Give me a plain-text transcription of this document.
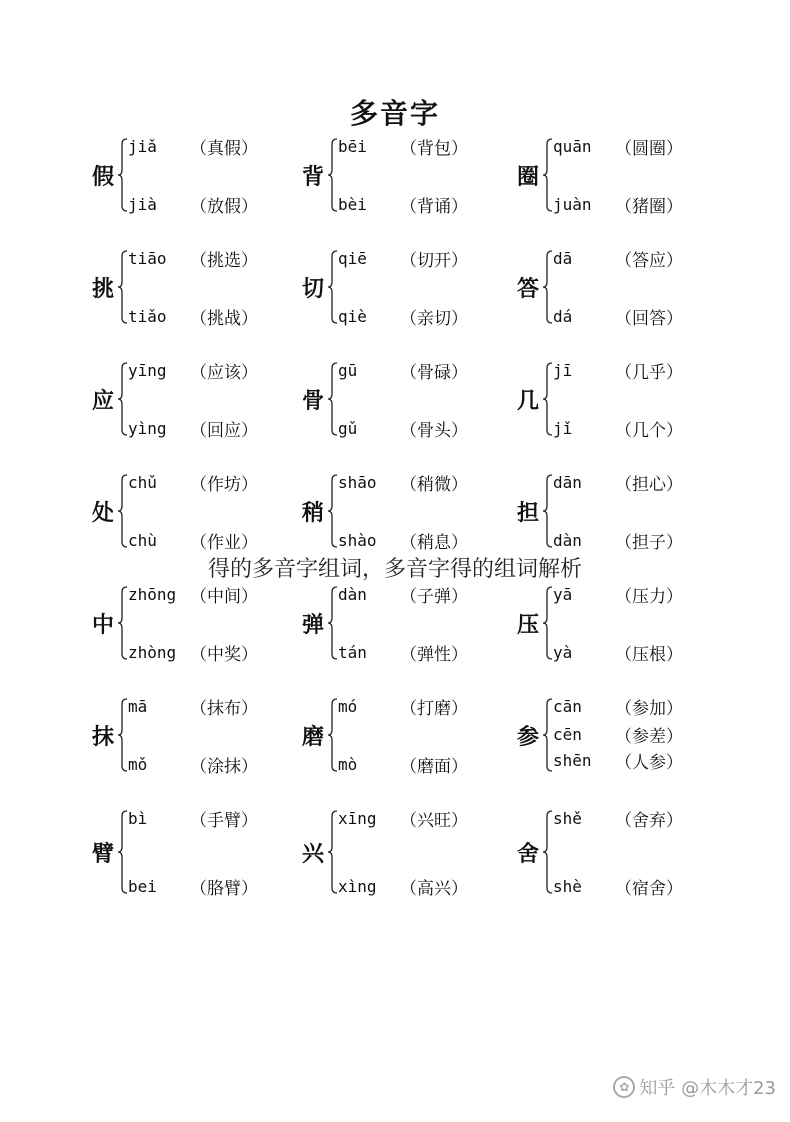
多音字
假
jiǎ	（真假）
jià	（放假）
背
bēi	（背包）
bèi	（背诵）
圈
quān	（圆圈）
juàn	（猪圈）
挑
tiāo	（挑选）
tiǎo	（挑战）
切
qiē	（切开）
qiè	（亲切）
答
dā	（答应）
dá	（回答）
应
yīng	（应该）
yìng	（回应）
骨
gū	（骨碌）
gǔ	（骨头）
几
jī	（几乎）
jǐ	（几个）
处
chǔ	（作坊）
chù	（作业）
稍
shāo	（稍微）
shào	（稍息）
担
dān	（担心）
dàn	（担子）
中
zhōng （中间）
zhòng （中奖）
弹
dàn	（子弹）
tán	（弹性）
压
yā	（压力）
yà	（压根）
抹
mā	（抹布）
mǒ	（涂抹）
磨
mó	（打磨）
mò	（磨面）
参
cān	（参加）
cēn	（参差）
shēn	（人参）
臂
bì	（手臂）
bei	（胳臂）
兴
xīng	（兴旺）
xìng	（高兴）
舍
shě	（舍弃）
shè	（宿舍）
得的多音字组词，多音字得的组词解析
✿ 知乎 @木木才23
